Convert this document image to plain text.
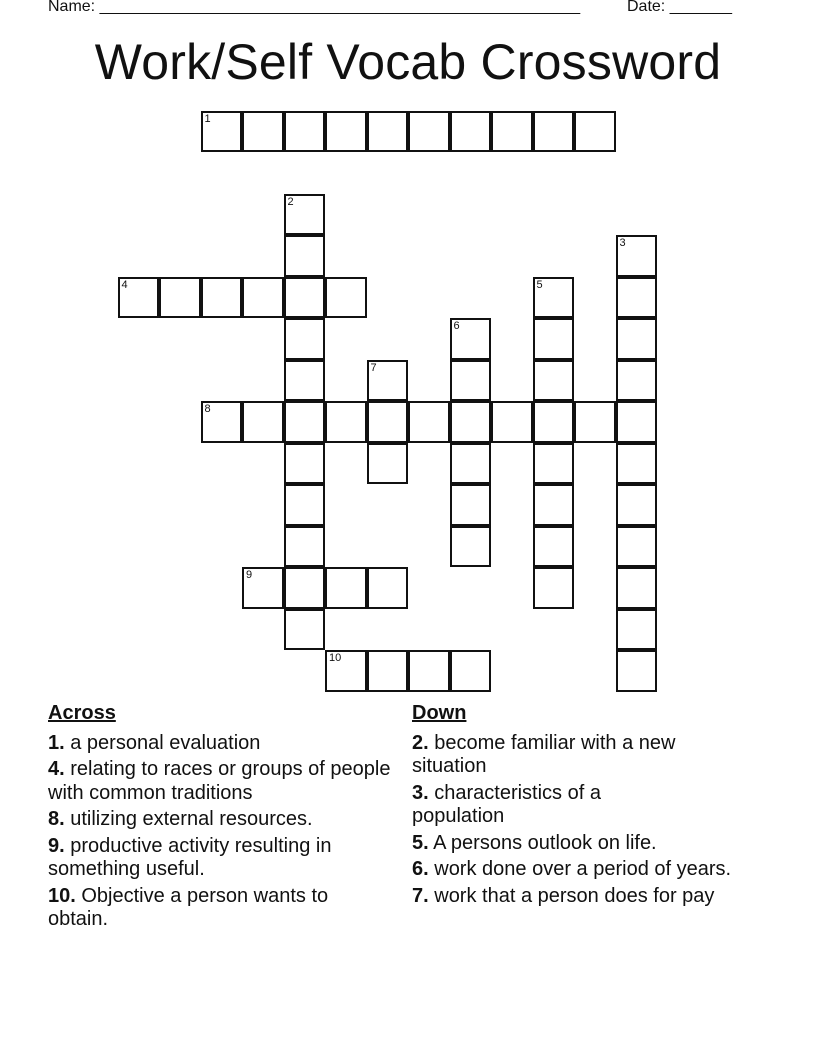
Name: ______________________________________________________	Date: _______
Work/Self Vocab Crossword
1
4
8
9
10
2
3
5
6
7
Across
1. a personal evaluation
4. relating to races or groups of people with common traditions
8. utilizing external resources.
9. productive activity resulting in something useful.
10. Objective a person wants to obtain.
Down
2. become familiar with a new situation
3. characteristics of a population
5. A persons outlook on life.
6. work done over a period of years.
7. work that a person does for pay
